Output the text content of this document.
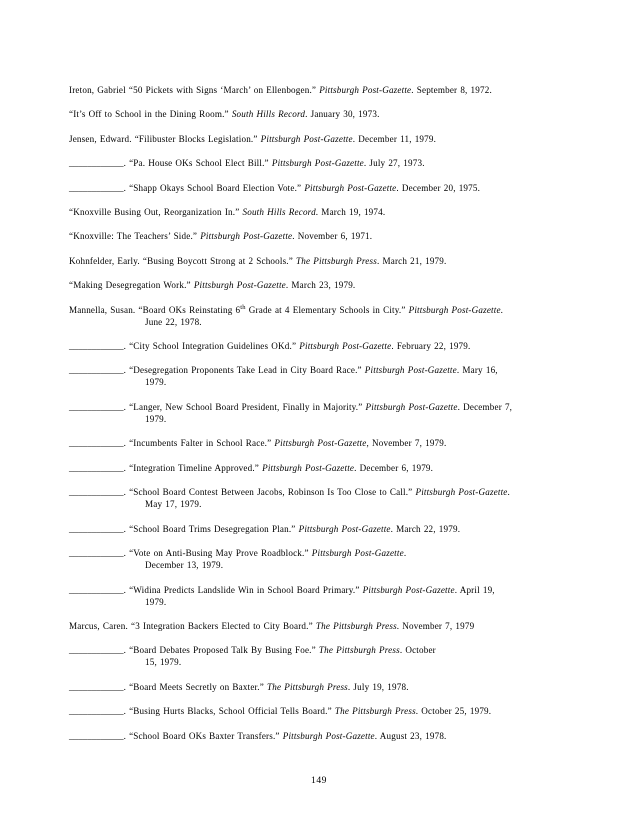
Ireton, Gabriel “50 Pickets with Signs ‘March’ on Ellenbogen.” Pittsburgh Post-Gazette. September 8, 1972.

“It’s Off to School in the Dining Room.” South Hills Record. January 30, 1973.

Jensen, Edward. “Filibuster Blocks Legislation.” Pittsburgh Post-Gazette. December 11, 1979.

____________. “Pa. House OKs School Elect Bill.” Pittsburgh Post-Gazette. July 27, 1973.

____________. “Shapp Okays School Board Election Vote.” Pittsburgh Post-Gazette. December 20, 1975.

“Knoxville Busing Out, Reorganization In.” South Hills Record. March 19, 1974.

“Knoxville: The Teachers’ Side.” Pittsburgh Post-Gazette. November 6, 1971.

Kohnfelder, Early. “Busing Boycott Strong at 2 Schools.” The Pittsburgh Press. March 21, 1979.

“Making Desegregation Work.” Pittsburgh Post-Gazette. March 23, 1979.

Mannella, Susan. “Board OKs Reinstating 6th Grade at 4 Elementary Schools in City.” Pittsburgh Post-Gazette.
June 22, 1978.

____________. “City School Integration Guidelines OKd.” Pittsburgh Post-Gazette. February 22, 1979.

____________. “Desegregation Proponents Take Lead in City Board Race.” Pittsburgh Post-Gazette. Mary 16,
1979.

____________. “Langer, New School Board President, Finally in Majority.” Pittsburgh Post-Gazette. December 7,
1979.

____________. “Incumbents Falter in School Race.” Pittsburgh Post-Gazette, November 7, 1979.

____________. “Integration Timeline Approved.” Pittsburgh Post-Gazette. December 6, 1979.

____________. “School Board Contest Between Jacobs, Robinson Is Too Close to Call.” Pittsburgh Post-Gazette.
May 17, 1979.

____________. “School Board Trims Desegregation Plan.” Pittsburgh Post-Gazette. March 22, 1979.

____________. “Vote on Anti-Busing May Prove Roadblock.” Pittsburgh Post-Gazette.
December 13, 1979.

____________. “Widina Predicts Landslide Win in School Board Primary.” Pittsburgh Post-Gazette. April 19,
1979.

Marcus, Caren. “3 Integration Backers Elected to City Board.” The Pittsburgh Press. November 7, 1979

____________. “Board Debates Proposed Talk By Busing Foe.” The Pittsburgh Press. October
15, 1979.

____________. “Board Meets Secretly on Baxter.” The Pittsburgh Press. July 19, 1978.

____________. “Busing Hurts Blacks, School Official Tells Board.” The Pittsburgh Press. October 25, 1979.

____________. “School Board OKs Baxter Transfers.” Pittsburgh Post-Gazette. August 23, 1978.

149
